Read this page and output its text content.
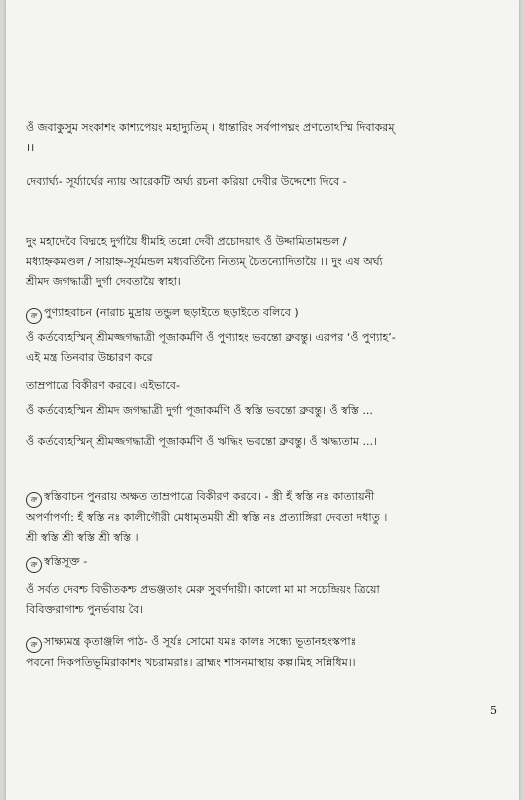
ওঁ জবাকুসুম সংকাশং কাশ্যপেয়ং মহাদ্যুতিম্ । ধান্তারিং সর্বপাপঘ্নং প্রণতোঽস্মি দিবাকরম্
।।
দেব্যার্ঘ্য- সূর্য্যার্ঘের ন্যায় আরেকটি অর্ঘ্য রচনা করিয়া দেবীর উদ্দেশ্যে দিবে -
দুং মহাদেবৈ বিদ্মহে দুর্গায়ৈ ধীমহি তন্নো দেবী প্রচোদয়াৎ ওঁ উদ্দামিতামন্ডল /
মধ্যাহ্নকমণ্ডল / সায়াহ্ন-সূর্যমন্ডল মধ্যবর্তিন্যৈ নিত্যম্ চৈতন্যোদিতায়ৈ ।। দুং এষ অর্ঘ্য
শ্রীমদ জগদ্ধাত্রী দুর্গা দেবতায়ৈ স্বাহা।
ক্র পুণ্যাহবাচন (নারাচ মুদ্রায় তন্ডুল ছড়াইতে ছড়াইতে বলিবে )
ওঁ কর্তব্যেহস্মিন্ শ্রীমজ্জগদ্ধাত্রী পূজাকর্মণি ওঁ পুণ্যাহং ভবন্তো ব্রুবন্তু। এরপর ‘ওঁ পুণ্যাহ’-
এই মন্ত্র তিনবার উচ্চারণ করে
তাম্রপাত্রে বিকীরণ করবে। এইভাবে-
ওঁ কর্তব্যেহস্মিন শ্রীমদ জগদ্ধাত্রী দুর্গা পূজাকর্মণি ওঁ স্বস্তি ভবন্তো ব্রুবন্তু। ওঁ স্বস্তি ...
ওঁ কর্তব্যেহস্মিন্ শ্রীমজ্জগদ্ধাত্রী পূজাকর্মণি ওঁ ঋদ্ধিং ভবন্তো ব্রুবন্তু। ওঁ ঋদ্ধ্যতাম ...।
ক্র স্বস্তিবাচন পুনরায় অক্ষত তাম্রপাত্রে বিকীরণ করবে। - স্ত্রী হঁ স্বস্তি নঃ কাত্যায়নী
অপর্ণাপর্ণা: হঁ স্বস্তি নঃ কালীগৌরী মেধামৃতময়ী শ্রী স্বস্তি নঃ প্রত্যাঙ্গিরা দেবতা দধাতু ।
শ্রী স্বস্তি শ্রী স্বস্তি শ্রী স্বস্তি ।
ক্র স্বস্তিসূক্ত -
ওঁ সর্বত দেবশ্চ বিভীতকশ্চ প্রভঞ্জতাং মেরু সুবর্ণদায়ী। কালো মা মা সচেন্দ্রিয়ং ত্রিয়ো
বিবিক্তরাগাশ্চ পুনর্ভবায় বৈ।
ক্র সাক্ষ্যমন্ত্র কৃতাঞ্জলি পাঠ- ওঁ সূর্যঃ সোমো যমঃ কালঃ সন্ধ্যে ভূতানহংস্কপাঃ
পবনো দিকপতিভূমিরাকাশং খচরামরাঃ। ব্রাহ্মং শাসনমাস্থায় কল্প।মিহ সন্নিধিম।।
5
